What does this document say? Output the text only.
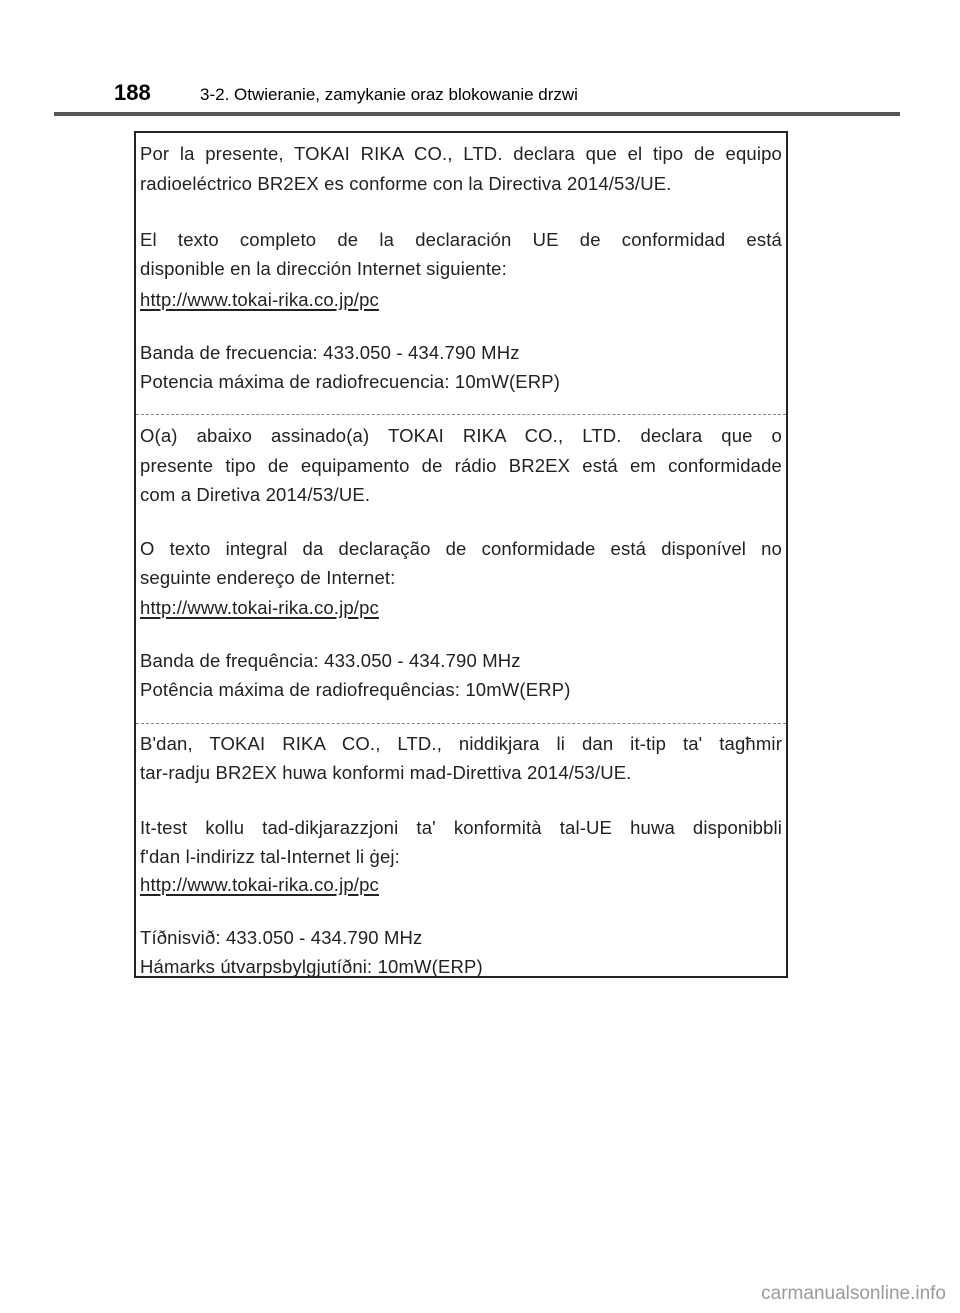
188	3-2. Otwieranie, zamykanie oraz blokowanie drzwi
Por la presente, TOKAI RIKA CO., LTD. declara que el tipo de equipo
radioeléctrico BR2EX es conforme con la Directiva 2014/53/UE.
El texto completo de la declaración UE de conformidad está
disponible en la dirección Internet siguiente:
http://www.tokai-rika.co.jp/pc
Banda de frecuencia: 433.050 - 434.790 MHz
Potencia máxima de radiofrecuencia: 10mW(ERP)
O(a) abaixo assinado(a) TOKAI RIKA CO., LTD. declara que o
presente tipo de equipamento de rádio BR2EX está em conformidade
com a Diretiva 2014/53/UE.
O texto integral da declaração de conformidade está disponível no
seguinte endereço de Internet:
http://www.tokai-rika.co.jp/pc
Banda de frequência: 433.050 - 434.790 MHz
Potência máxima de radiofrequências: 10mW(ERP)
B'dan, TOKAI RIKA CO., LTD., niddikjara li dan it-tip ta' tagħmir
tar-radju BR2EX huwa konformi mad-Direttiva 2014/53/UE.
It-test kollu tad-dikjarazzjoni ta' konformità tal-UE huwa disponibbli
f'dan l-indirizz tal-Internet li ġej:
http://www.tokai-rika.co.jp/pc
Tíðnisvið: 433.050 - 434.790 MHz
Hámarks útvarpsbylgjutíðni: 10mW(ERP)
carmanualsonline.info
